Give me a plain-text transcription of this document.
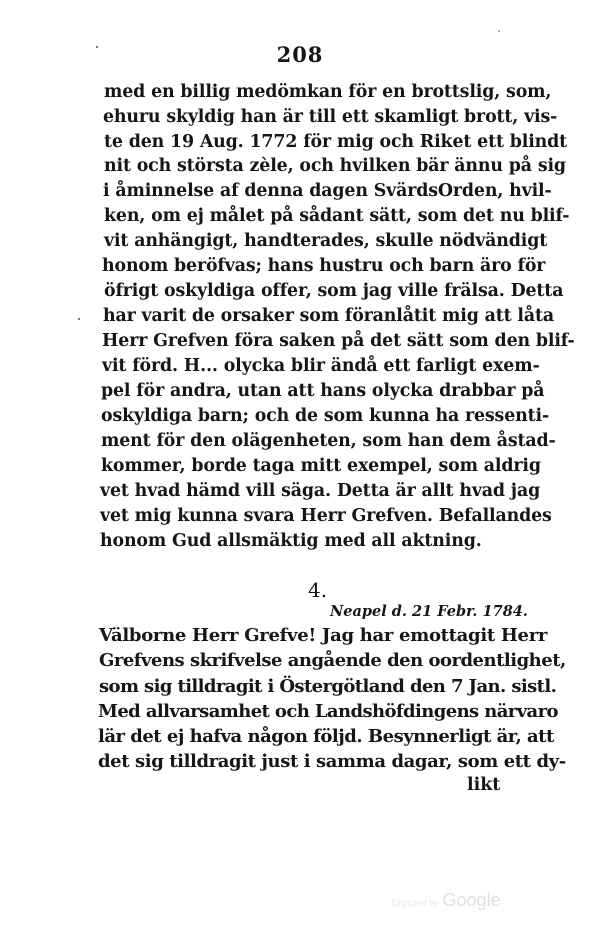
208
med en billig medömkan för en brottslig, som,
ehuru skyldig han är till ett skamligt brott, vis-
te den 19 Aug. 1772 för mig och Riket ett blindt
nit och största zèle, och hvilken bär ännu på sig
i åminnelse af denna dagen SvärdsOrden, hvil-
ken, om ej målet på sådant sätt, som det nu blif-
vit anhängigt, handterades, skulle nödvändigt
honom beröfvas; hans hustru och barn äro för
öfrigt oskyldiga offer, som jag ville frälsa. Detta
har varit de orsaker som föranlåtit mig att låta
Herr Grefven föra saken på det sätt som den blif-
vit förd. H... olycka blir ändå ett farligt exem-
pel för andra, utan att hans olycka drabbar på
oskyldiga barn; och de som kunna ha ressenti-
ment för den olägenheten, som han dem åstad-
kommer, borde taga mitt exempel, som aldrig
vet hvad hämd vill säga. Detta är allt hvad jag
vet mig kunna svara Herr Grefven. Befallandes
honom Gud allsmäktig med all aktning.
4.
Neapel d. 21 Febr. 1784.
Välborne Herr Grefve! Jag har emottagit Herr
Grefvens skrifvelse angående den oordentlighet,
som sig tilldragit i Östergötland den 7 Jan. sistl.
Med allvarsamhet och Landshöfdingens närvaro
lär det ej hafva någon följd. Besynnerligt är, att
det sig tilldragit just i samma dagar, som ett dy-
likt
Digitized by Google
